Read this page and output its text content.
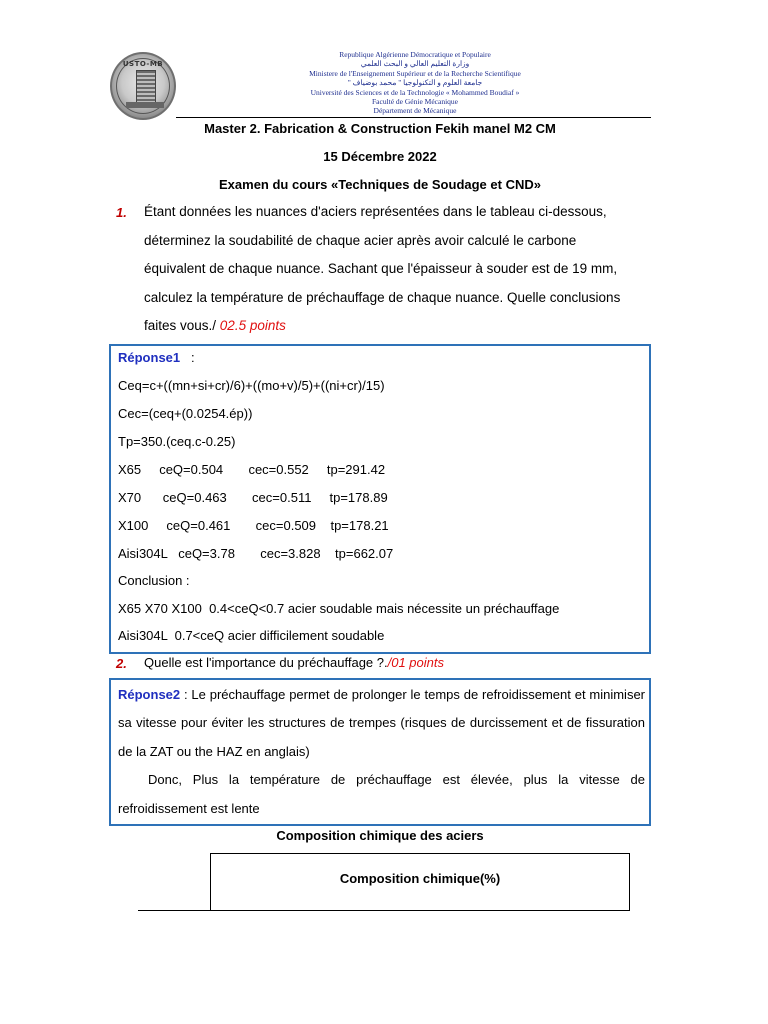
USTO-MB
Republique Algérienne Démocratique et Populaire
وزارة التعليم العالي و البحث العلمي
Ministere de l'Enseignement Supérieur et de la Recherche Scientifique
جامعة العلوم و التكنولوجيا " محمد بوضياف "
Université des Sciences et de la Technologie « Mohammed Boudiaf »
Faculté de Génie Mécanique
Département de Mécanique
Master 2. Fabrication & Construction Fekih manel M2 CM
15 Décembre 2022
Examen du cours «Techniques de Soudage et CND»
1. Étant données les nuances d'aciers représentées dans le tableau ci-dessous,
déterminez la soudabilité de chaque acier après avoir calculé le carbone
équivalent de chaque nuance. Sachant que l'épaisseur à souder est de 19 mm,
calculez la température de préchauffage de chaque nuance. Quelle conclusions
faites vous./ 02.5 points
Réponse1   :
Ceq=c+((mn+si+cr)/6)+((mo+v)/5)+((ni+cr)/15)
Cec=(ceq+(0.0254.ép))
Tp=350.(ceq.c-0.25)
X65     ceQ=0.504       cec=0.552     tp=291.42
X70      ceQ=0.463       cec=0.511     tp=178.89
X100     ceQ=0.461       cec=0.509    tp=178.21
Aisi304L   ceQ=3.78       cec=3.828    tp=662.07
Conclusion :
X65 X70 X100  0.4<ceQ<0.7 acier soudable mais nécessite un préchauffage
Aisi304L  0.7<ceQ acier difficilement soudable
2. Quelle est l'importance du préchauffage ?./01 points
Réponse2 : Le préchauffage permet de prolonger le temps de refroidissement et minimiser sa vitesse pour éviter les structures de trempes (risques de durcissement et de fissuration de la ZAT ou the HAZ en anglais)
Donc, Plus la température de préchauffage est élevée, plus la vitesse de refroidissement est lente
Composition chimique des aciers
Composition chimique(%)
